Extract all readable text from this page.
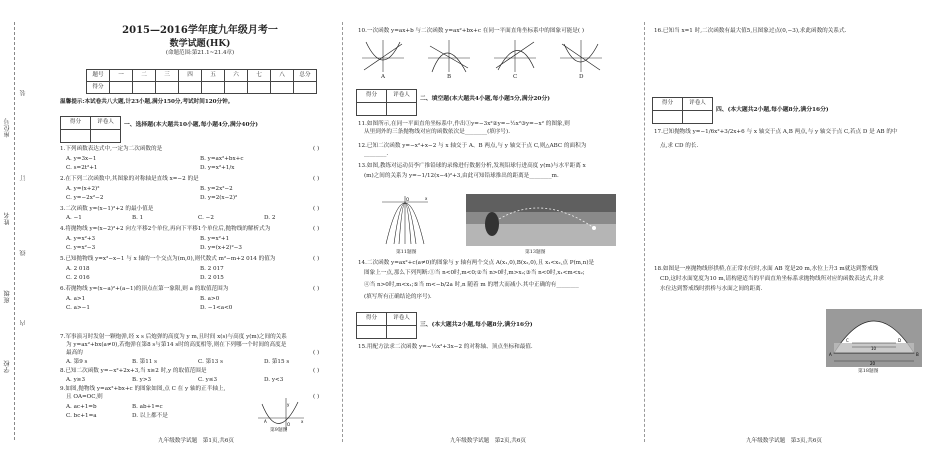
座位号
姓名
班级
学校
装
订
线
内
2015—2016学年度九年级月考一
数学试题(HK)
(命题范围:第21.1~21.4章)
题号	一	二	三	四	五	六	七	八	总分
得分									
温馨提示:本试卷共八大题,计23小题,满分150分,考试时间120分钟。
得分	评卷人
	一、选择题(本大题共10小题,每小题4分,满分40分)
1.下列函数表达式中,一定为二次函数的是	( )
A. y=3x−1	B. y=ax²+bx+c
C. s=2t²+1	D. y=x²+1/x
2.在下列二次函数中,其图象的对称轴是直线 x=−2 的是	( )
A. y=(x+2)²	B. y=2x²−2
C. y=−2x²−2	D. y=2(x−2)²
3.二次函数 y=(x−1)²+2 的最小值是	( )
A. −1	B. 1	C. −2	D. 2
4.将抛物线 y=(x−2)²+2 向左平移2个单位,再向下平移1个单位后,抛物线的解析式为	( )
A. y=x²+3	B. y=x²+1
C. y=x²−3	D. y=(x+2)²−3
5.已知抛物线 y=x²−x−1 与 x 轴的一个交点为(m,0),则代数式 m²−m+2 014 的值为	( )
A. 2 018	B. 2 017
C. 2 016	D. 2 015
6.若抛物线 y=(x−a)²+(a−1)的顶点在第一象限,则 a 的取值范围为	( )
A. a>1	B. a>0
C. a>−1	D. −1<a<0
7.军事演习时发射一颗炮弹,经 x s 后炮弹的高度为 y m,且时间 x(s)与高度 y(m)之间的关系
为 y=ax²+bx(a≠0),若炮弹在第8 s与第14 s时的高度相等,则在下列哪一个时间的高度是
最高的	( )
A. 第9 s	B. 第11 s	C. 第13 s	D. 第15 s
8.已知二次函数 y=−x²+2x+3,当 x≥2 时,y 的取值范围是	( )
A. y≥3	B. y>3	C. y≤3	D. y<3
9.如图,抛物线 y=ax²+bx+c 的图象如图,点 C 在 y 轴的正半轴上,
且 OA=OC,则	( )
A. ac+1=b	B. ab+1=c
C. bc+1=a	D. 以上都不是
y
x
O
A
第9题图
九年级数学试题　第1页,共6页
10.一次函数 y=ax+b 与二次函数 y=ax²+bx+c 在同一平面直角坐标系中的图象可能是( )
A	B	C	D
得分	评卷人

二、填空题(本大题共4小题,每小题5分,满分20分)
11.如图所示,在同一平面直角坐标系中,作出①y=−3x²②y=−½x²③y=−x² 的图象,则
从里到外的三条抛物线对应的函数依次是________(填序号).
12.已知二次函数 y=−x²+x−2 与 x 轴交于 A、B 两点,与 y 轴交于点 C,则△ABC 的面积为
________.
13.如图,教练对运动员李广推铅球的录像进行数据分析,发现铅球行进高度 y(m)与水平距离 x
(m)之间的关系为 y=−1/12(x−4)²+3,由此可知铅球推出的距离是________m.
O	x
第11题图	第13题图
14.二次函数 y=ax²+c(a≠0)的图象与 y 轴有两个交点 A(x₁,0),B(x₂,0),且 x₁<x₂,点 P(m,n)是
图象上一点,那么下列判断:①当 n<0时,m<0;②当 n>0时,m>x₂;③当 n<0时,x₁<m<x₂;
④当 n>0时,m<x₁;⑤当 m<−b/2a 时,n 随着 m 的增大而减小.其中正确的有________
(填写所有正确结论的序号).
得分	评卷人

三、(本大题共2小题,每小题8分,满分16分)
15.用配方法求二次函数 y=−½x²+3x−2 的对称轴、顶点坐标和最值.
九年级数学试题　第2页,共6页
16.已知当 x=1 时,二次函数有最大值5,且图象过点(0,−3),求此函数的关系式.
得分	评卷人

四、(本大题共2小题,每小题8分,满分16分)
17.已知抛物线 y=−1/6x²+3/2x+6 与 x 轴交于点 A,B 两点,与 y 轴交于点 C,若点 D 是 AB 的中
点,求 CD 的长.
18.如图是一座抛物线形拱桥,在正常水位时,水面 AB 宽是20 m,水位上升3 m就达到警戒线
CD,这时水面宽度为10 m,请构建适当的平面直角坐标系求抛物线所对应的函数表达式,并求
水位达到警戒线时拱桥与水面之间的距离.
C	D
A	B
10
20
第18题图
九年级数学试题　第3页,共6页
